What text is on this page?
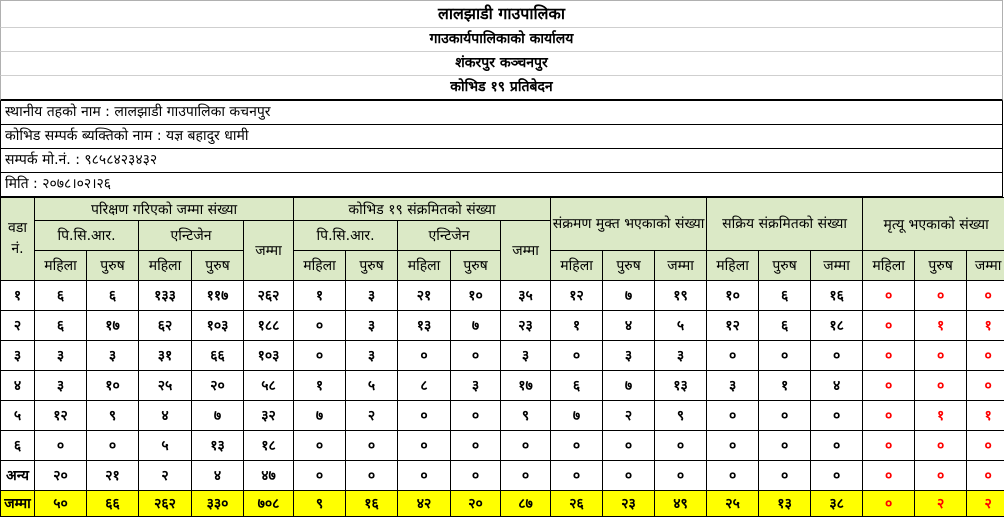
लालझाडी गाउपालिका
गाउकार्यपालिकाको कार्यालय
शंकरपुर कञ्चनपुर
कोभिड १९ प्रतिबेदन
स्थानीय तहको नाम : लालझाडी गाउपालिका कचनपुर
कोभिड सम्पर्क ब्यक्तिको नाम : यज्ञ बहादुर धामी
सम्पर्क मो.नं. : ९८५८४२३४३२
मिति : २०७८।०२।२६
वडा नं.	परिक्षण गरिएको जम्मा संख्या					कोभिड १९ संक्रमितको संख्या					संक्रमण मुक्त भएकाको संख्या			सक्रिय संक्रमितको संख्या			मृत्यू भएकाको संख्या		
	पि.सि.आर.		एन्टिजेन		जम्मा	पि.सि.आर.		एन्टिजेन		जम्मा									
	महिला	पुरुष	महिला	पुरुष		महिला	पुरुष	महिला	पुरुष		महिला	पुरुष	जम्मा	महिला	पुरुष	जम्मा	महिला	पुरुष	जम्मा
१	६	६	१३३	११७	२६२	१	३	२१	१०	३५	१२	७	१९	१०	६	१६	०	०	०
२	६	१७	६२	१०३	१८८	०	३	१३	७	२३	१	४	५	१२	६	१८	०	१	१
३	३	३	३१	६६	१०३	०	३	०	०	३	०	३	३	०	०	०	०	०	०
४	३	१०	२५	२०	५८	१	५	८	३	१७	६	७	१३	३	१	४	०	०	०
५	१२	९	४	७	३२	७	२	०	०	९	७	२	९	०	०	०	०	१	१
६	०	०	५	१३	१८	०	०	०	०	०	०	०	०	०	०	०	०	०	०
अन्य	२०	२१	२	४	४७	०	०	०	०	०	०	०	०	०	०	०	०	०	०
जम्मा	५०	६६	२६२	३३०	७०८	९	१६	४२	२०	८७	२६	२३	४९	२५	१३	३८	०	२	२
